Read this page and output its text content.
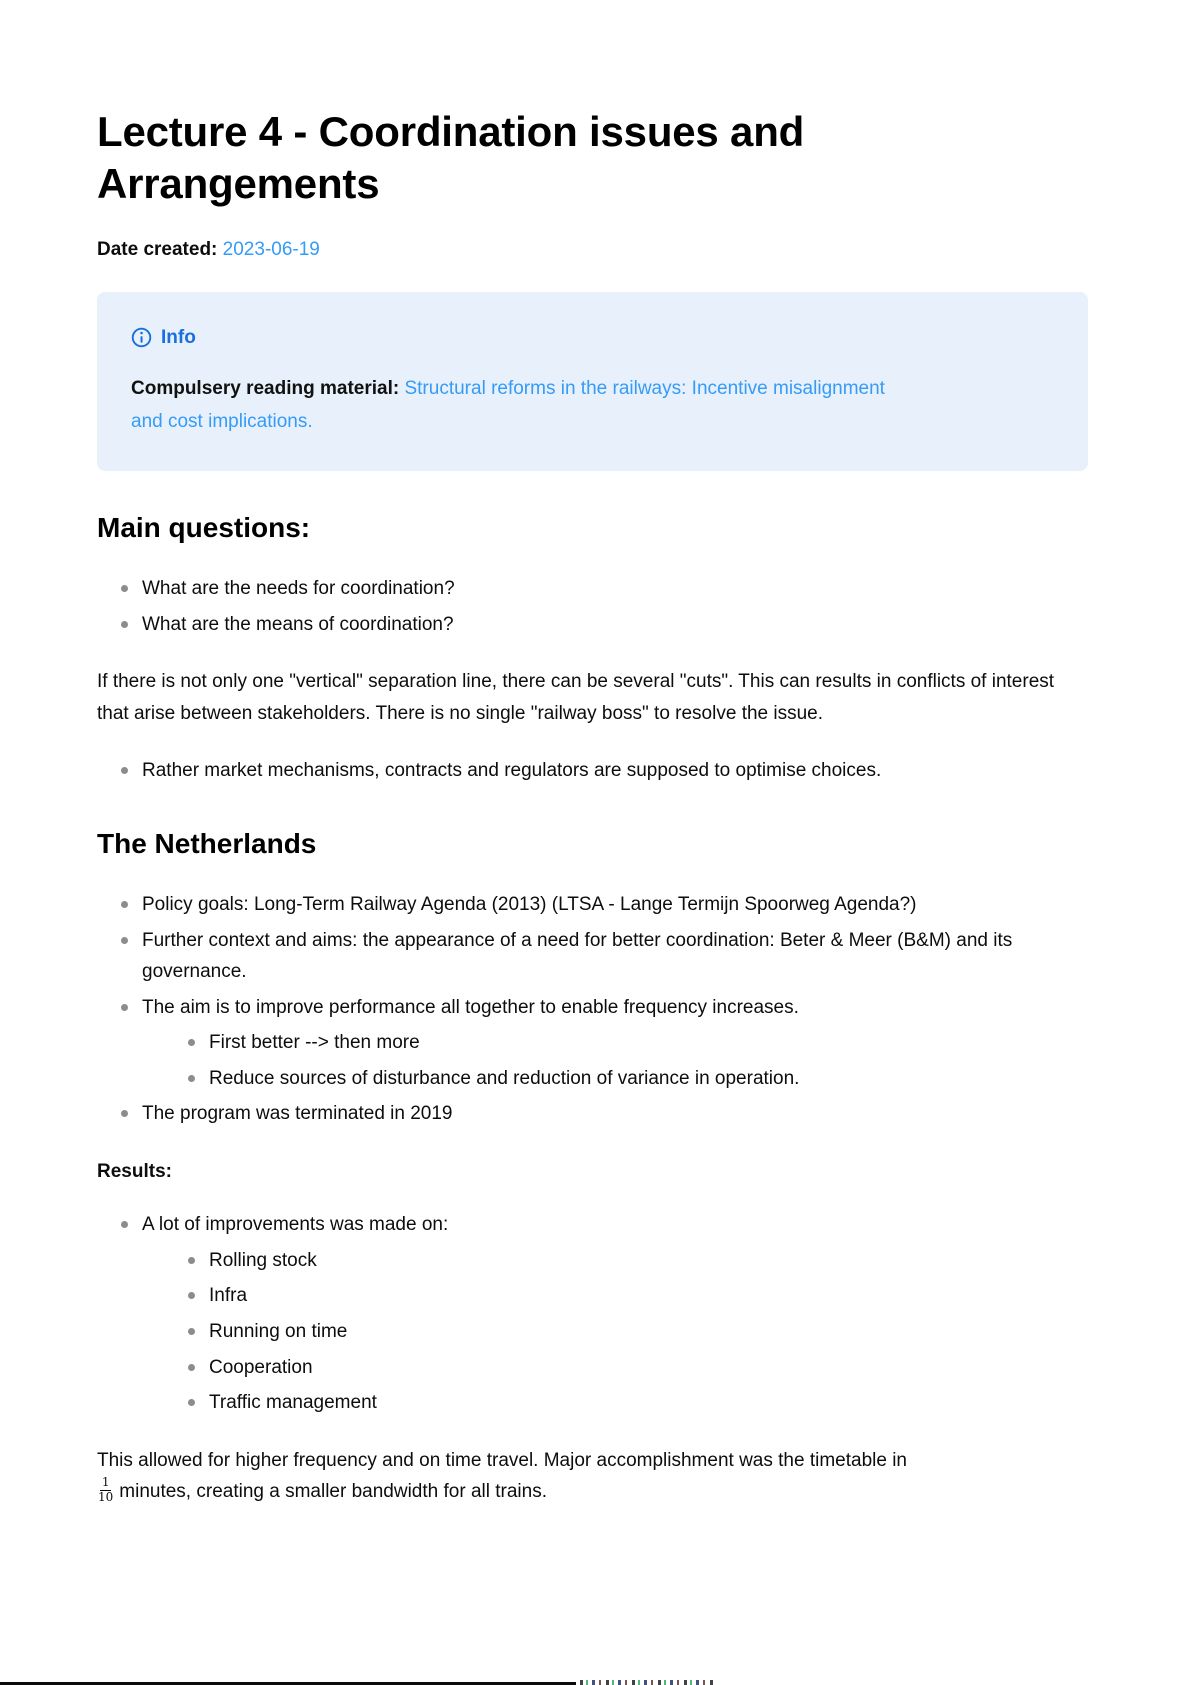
Lecture 4 - Coordination issues and
Arrangements
Date created: 2023-06-19
Info
Compulsery reading material: Structural reforms in the railways: Incentive misalignment
and cost implications.
Main questions:
What are the needs for coordination?
What are the means of coordination?

If there is not only one "vertical" separation line, there can be several "cuts". This can results in conflicts of interest that arise between stakeholders. There is no single "railway boss" to resolve the issue.

Rather market mechanisms, contracts and regulators are supposed to optimise choices.
The Netherlands
Policy goals: Long-Term Railway Agenda (2013) (LTSA - Lange Termijn Spoorweg Agenda?)
Further context and aims: the appearance of a need for better coordination: Beter & Meer (B&M) and its governance.
The aim is to improve performance all together to enable frequency increases.
First better --> then more
Reduce sources of disturbance and reduction of variance in operation.
The program was terminated in 2019

Results:

A lot of improvements was made on:
Rolling stock
Infra
Running on time
Cooperation
Traffic management
This allowed for higher frequency and on time travel. Major accomplishment was the timetable in
$\frac{1}{10}$ minutes, creating a smaller bandwidth for all trains.
